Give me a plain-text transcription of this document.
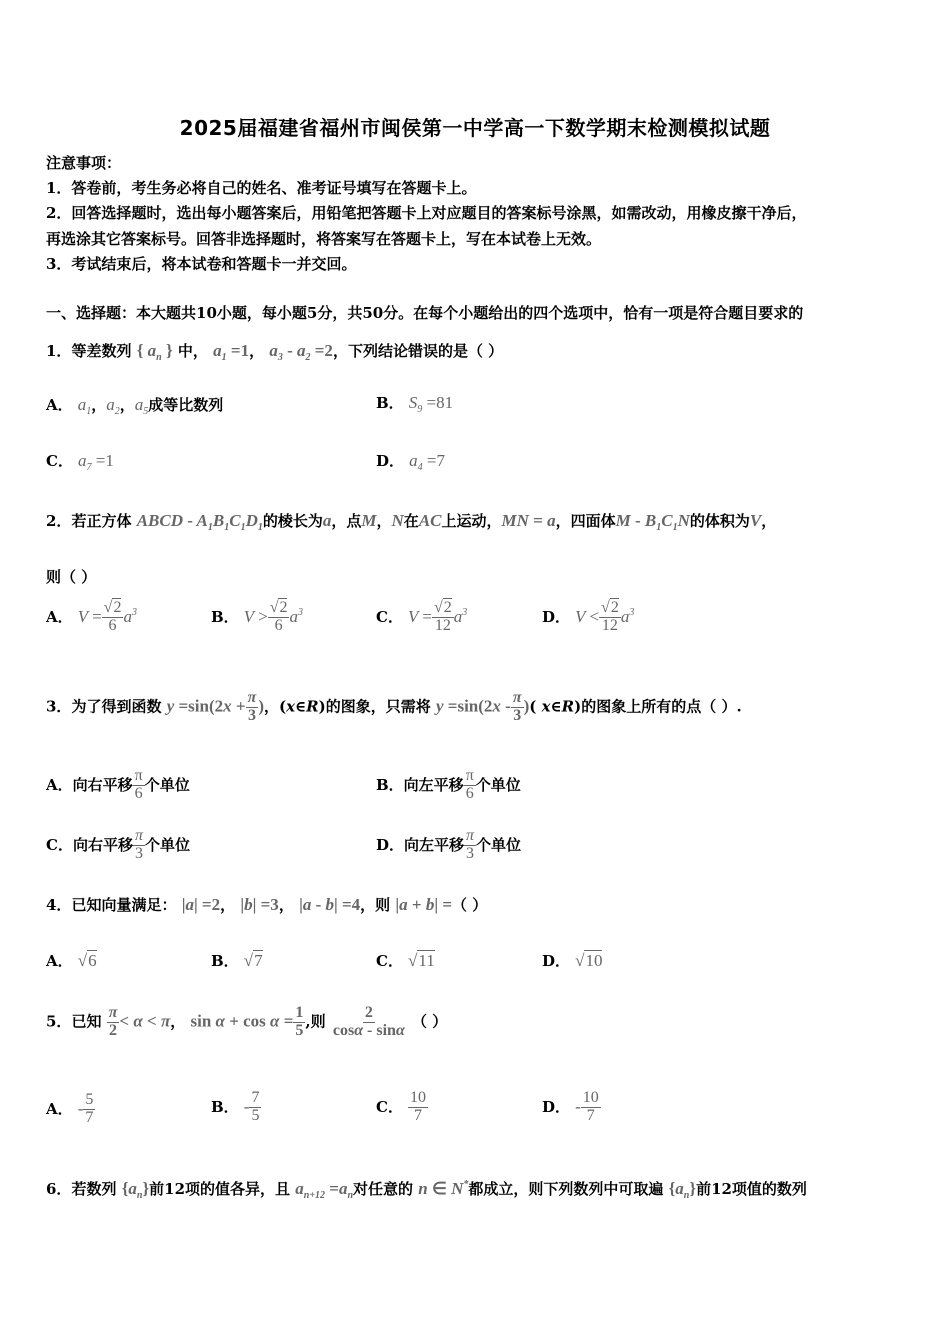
2025届福建省福州市闽侯第一中学高一下数学期末检测模拟试题
注意事项：
1．答卷前，考生务必将自己的姓名、准考证号填写在答题卡上。
2．回答选择题时，选出每小题答案后，用铅笔把答题卡上对应题目的答案标号涂黑，如需改动，用橡皮擦干净后，
再选涂其它答案标号。回答非选择题时，将答案写在答题卡上，写在本试卷上无效。
3．考试结束后，将本试卷和答题卡一并交回。
一、选择题：本大题共10小题，每小题5分，共50分。在每个小题给出的四个选项中，恰有一项是符合题目要求的
1．等差数列 { $a_n$ } 中， $a_1 =1$， $a_3 - a_2 =2$，下列结论错误的是（ ）
A． $a_1$，$a_2$，$a_5$成等比数列	B． $S_9 =81$
C． $a_7 =1$	D． $a_4 =7$
2．若正方体 ABCD - $A_1B_1C_1D_1$的棱长为a，点M，N在AC上运动，MN = a，四面体M - $B_1C_1N$的体积为V，
则（ ）
A． $V = \frac{√2}{6} a^3$	B． $V > \frac{√2}{6} a^3$	C． $V = \frac{√2}{12} a^3$	D． $V < \frac{√2}{12} a^3$
3．为了得到函数 $y =\sin(2x + \frac{\pi}{3}$ )，(x∈R)的图象，只需将 $y =\sin(2x - \frac{\pi}{3}$ )( x∈R)的图象上所有的点（ ）.
A．向右平移 $\frac{\pi}{6}$ 个单位	B．向左平移 $\frac{\pi}{6}$ 个单位
C．向右平移 $\frac{\pi}{3}$ 个单位	D．向左平移 $\frac{\pi}{3}$ 个单位
4．已知向量满足： |a| =2， |b| =3， |a - b| =4，则 |a + b| =（ ）
A． √6	B． √7	C． √11	D． √10
5．已知 $\frac{\pi}{2} < \alpha < \pi$， $\sin \alpha + \cos \alpha = \frac{1}{5}$ ,则 $\frac{2}{\cos\alpha - \sin\alpha}$ （ ）
A． - $\frac{5}{7}$	B． - $\frac{7}{5}$	C． $\frac{10}{7}$	D． - $\frac{10}{7}$
6．若数列 $\{a_n\}$前12项的值各异，且 $a_{n+12} =a_n$对任意的 n ∈ N*都成立，则下列数列中可取遍 $\{a_n\}$前12项值的数列
